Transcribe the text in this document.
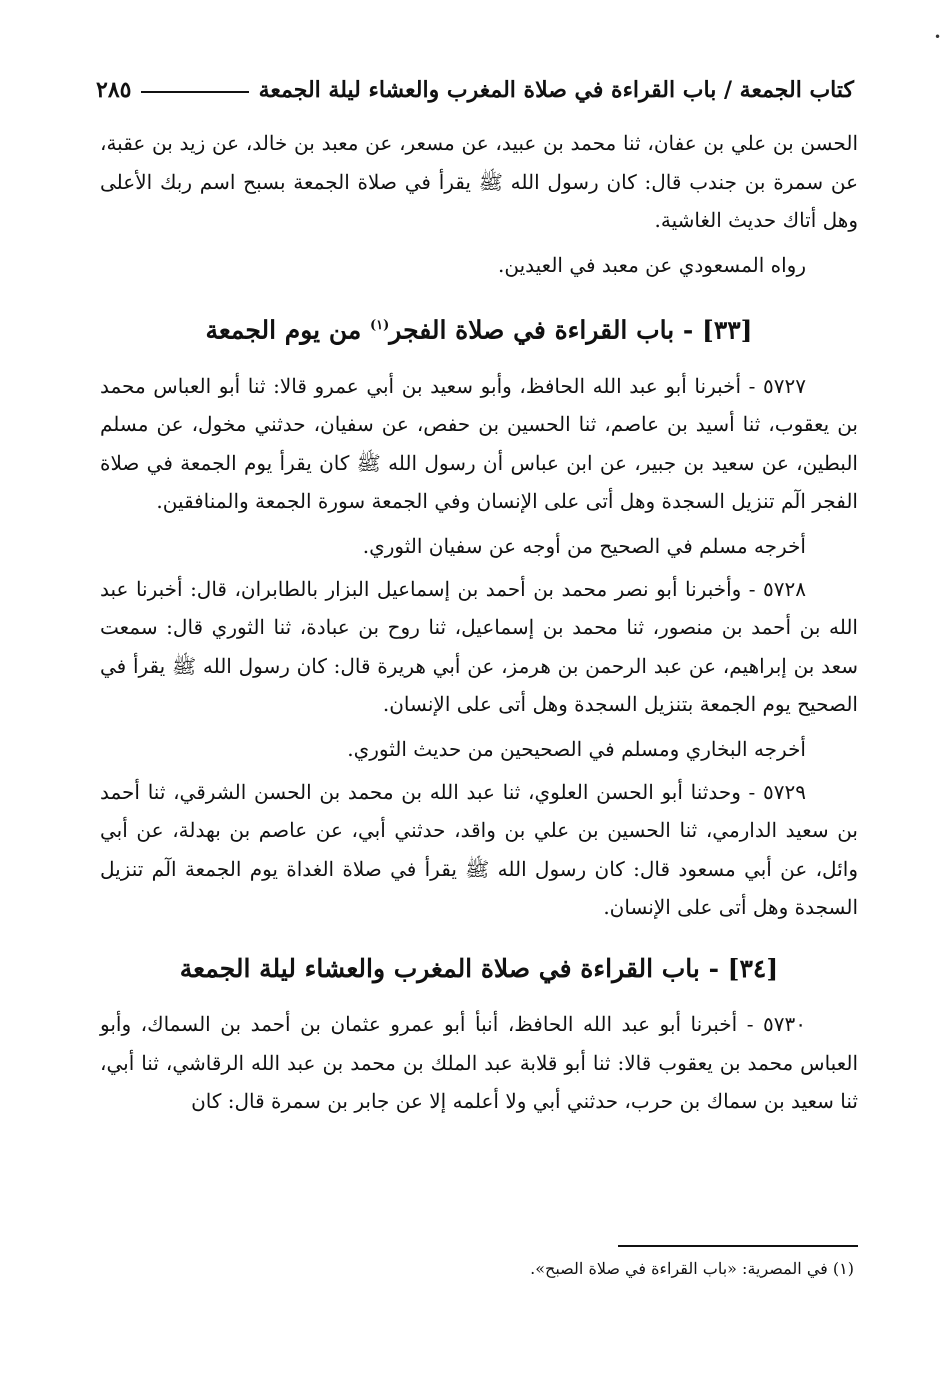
•
كتاب الجمعة / باب القراءة في صلاة المغرب والعشاء ليلة الجمعة
٢٨٥

الحسن بن علي بن عفان، ثنا محمد بن عبيد، عن مسعر، عن معبد بن خالد، عن زيد بن عقبة، عن سمرة بن جندب قال: كان رسول الله ﷺ يقرأ في صلاة الجمعة بسبح اسم ربك الأعلى وهل أتاك حديث الغاشية.

رواه المسعودي عن معبد في العيدين.

[٣٣] - باب القراءة في صلاة الفجر$^{(١)}$ من يوم الجمعة

٥٧٢٧ - أخبرنا أبو عبد الله الحافظ، وأبو سعيد بن أبي عمرو قالا: ثنا أبو العباس محمد بن يعقوب، ثنا أسيد بن عاصم، ثنا الحسين بن حفص، عن سفيان، حدثني مخول، عن مسلم البطين، عن سعيد بن جبير، عن ابن عباس أن رسول الله ﷺ كان يقرأ يوم الجمعة في صلاة الفجر الٓم تنزيل السجدة وهل أتى على الإنسان وفي الجمعة سورة الجمعة والمنافقين.

أخرجه مسلم في الصحيح من أوجه عن سفيان الثوري.

٥٧٢٨ - وأخبرنا أبو نصر محمد بن أحمد بن إسماعيل البزار بالطابران، قال: أخبرنا عبد الله بن أحمد بن منصور، ثنا محمد بن إسماعيل، ثنا روح بن عبادة، ثنا الثوري قال: سمعت سعد بن إبراهيم، عن عبد الرحمن بن هرمز، عن أبي هريرة قال: كان رسول الله ﷺ يقرأ في الصحيح يوم الجمعة بتنزيل السجدة وهل أتى على الإنسان.

أخرجه البخاري ومسلم في الصحيحين من حديث الثوري.

٥٧٢٩ - وحدثنا أبو الحسن العلوي، ثنا عبد الله بن محمد بن الحسن الشرقي، ثنا أحمد بن سعيد الدارمي، ثنا الحسين بن علي بن واقد، حدثني أبي، عن عاصم بن بهدلة، عن أبي وائل، عن أبي مسعود قال: كان رسول الله ﷺ يقرأ في صلاة الغداة يوم الجمعة الٓم تنزيل السجدة وهل أتى على الإنسان.

[٣٤] - باب القراءة في صلاة المغرب والعشاء ليلة الجمعة

٥٧٣٠ - أخبرنا أبو عبد الله الحافظ، أنبأ أبو عمرو عثمان بن أحمد بن السماك، وأبو العباس محمد بن يعقوب قالا: ثنا أبو قلابة عبد الملك بن محمد بن عبد الله الرقاشي، ثنا أبي، ثنا سعيد بن سماك بن حرب، حدثني أبي ولا أعلمه إلا عن جابر بن سمرة قال: كان

(١) في المصرية: «باب القراءة في صلاة الصبح».
